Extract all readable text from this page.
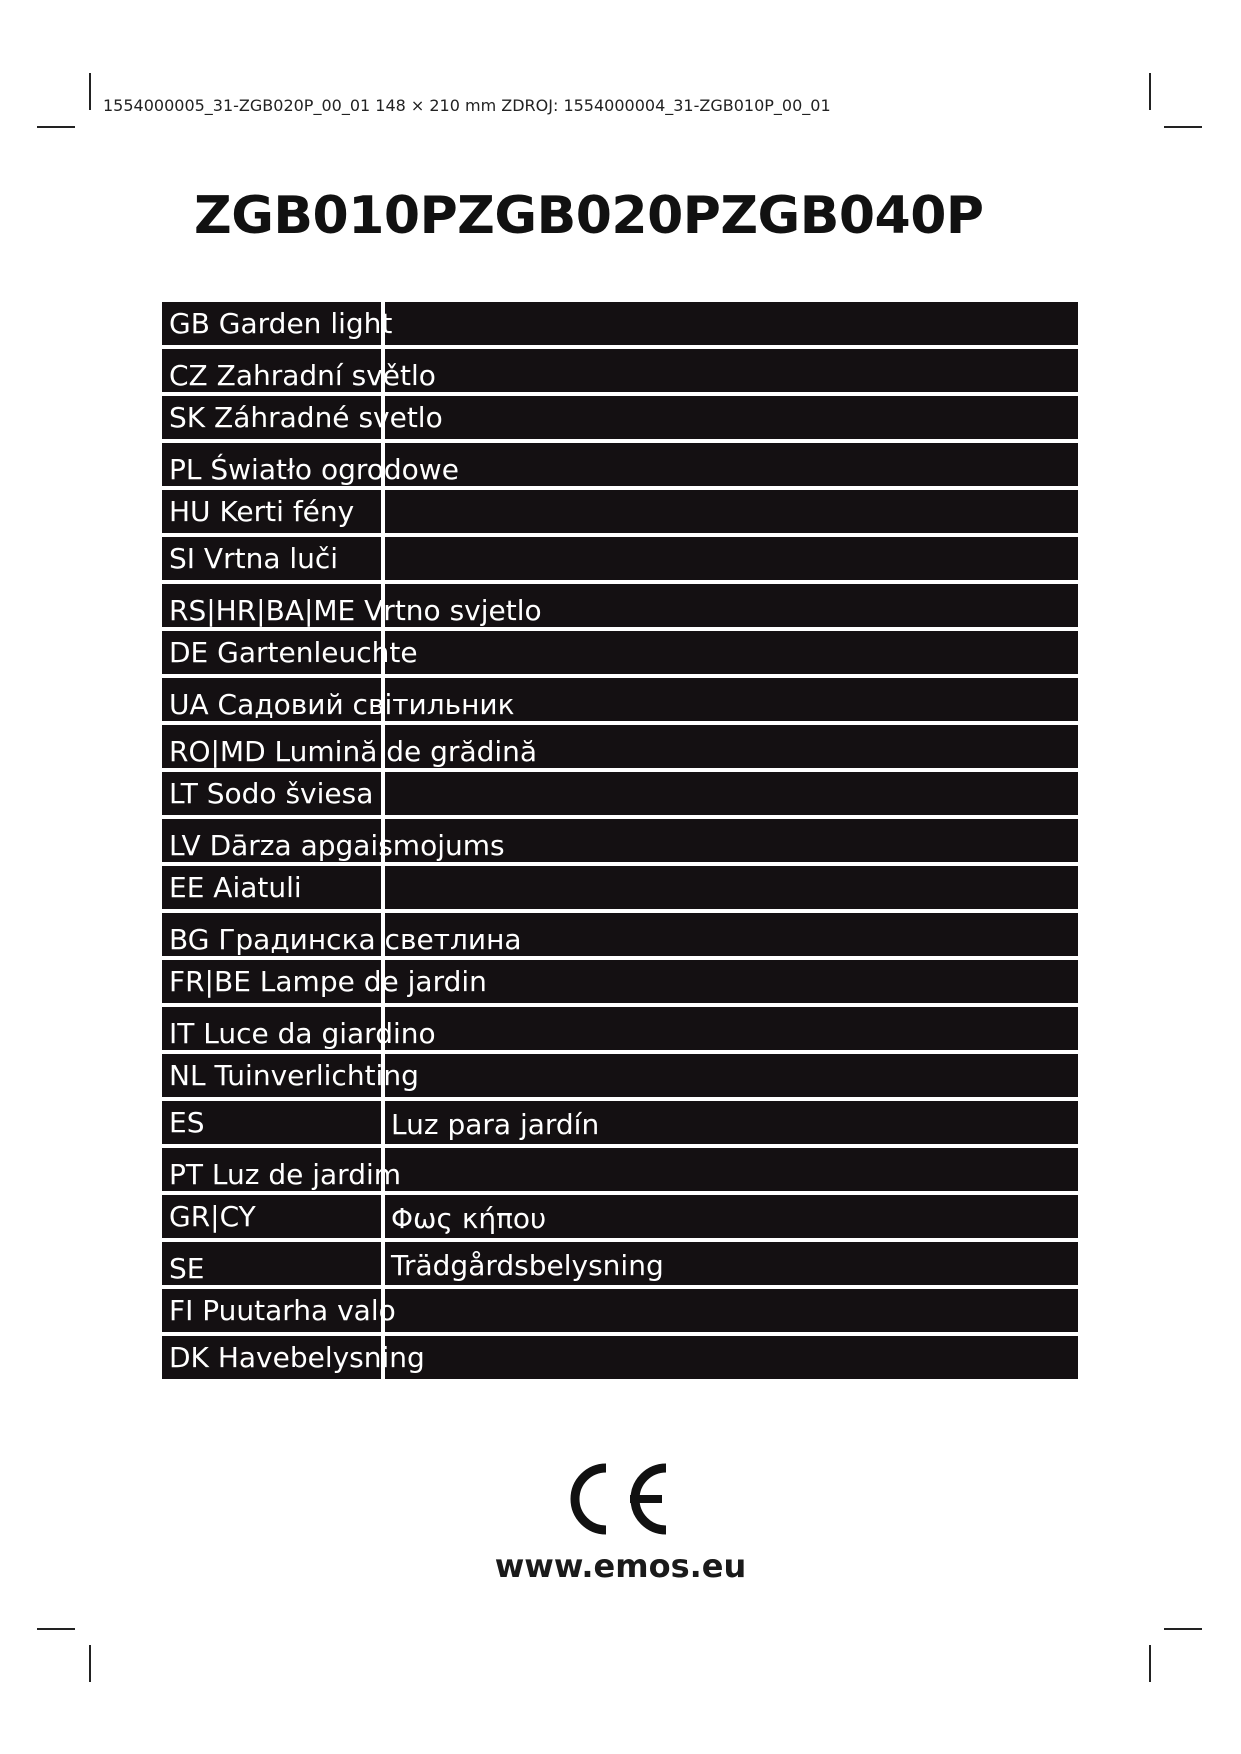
1554000005_31-ZGB020P_00_01 148 × 210 mm ZDROJ: 1554000004_31-ZGB010P_00_01
ZGB010PZGB020PZGB040P
GB Garden light
CZ Zahradní světlo
SK Záhradné svetlo
PL Światło ogrodowe
HU Kerti fény
SI Vrtna luči
RS|HR|BA|ME Vrtno svjetlo
DE Gartenleuchte
UA Садовий світильник
RO|MD Lumină de grădină
LT Sodo šviesa
LV Dārza apgaismojums
EE Aiatuli
BG Градинска светлина
FR|BE Lampe de jardin
IT Luce da giardino
NL Tuinverlichting
ES	Luz para jardín
PT Luz de jardim
GR|CY	Φως κήπου
SE	Trädgårdsbelysning
FI Puutarha valo
DK Havebelysning
www.emos.eu
